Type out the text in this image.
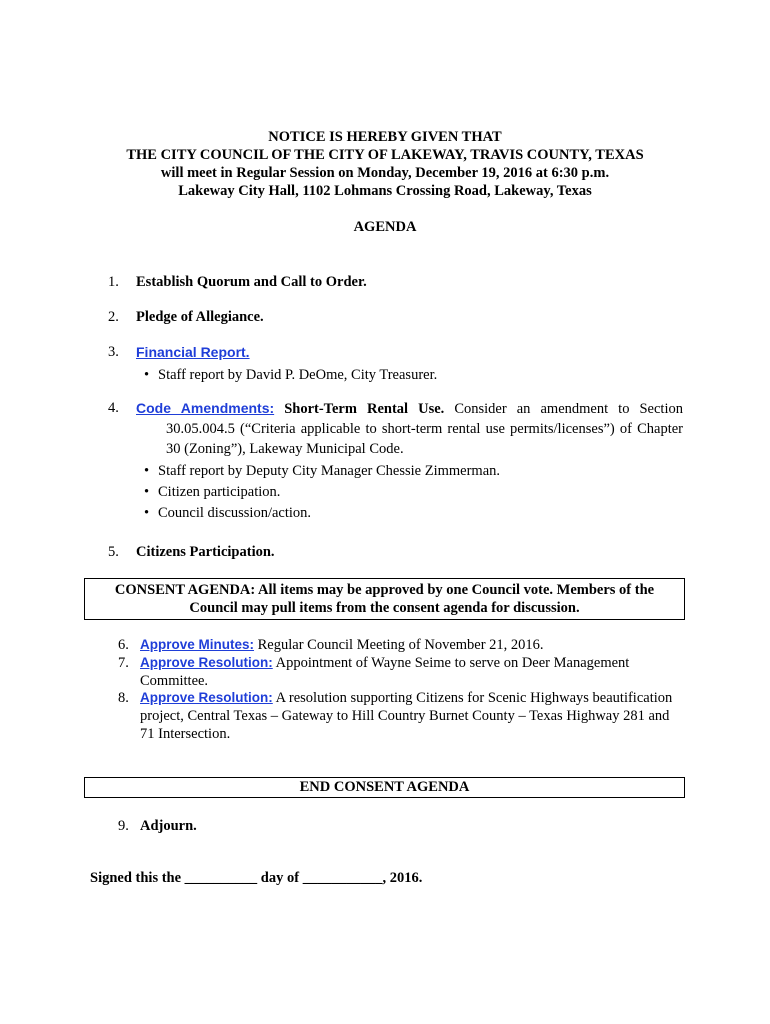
NOTICE IS HEREBY GIVEN THAT
THE CITY COUNCIL OF THE CITY OF LAKEWAY, TRAVIS COUNTY, TEXAS
will meet in Regular Session on Monday, December 19, 2016 at 6:30 p.m.
Lakeway City Hall, 1102 Lohmans Crossing Road, Lakeway, Texas
AGENDA
1.	Establish Quorum and Call to Order.
2.	Pledge of Allegiance.
3.	Financial Report.
• Staff report by David P. DeOme, City Treasurer.
4.	Code Amendments: Short-Term Rental Use. Consider an amendment to Section
30.05.004.5 (“Criteria applicable to short-term rental use permits/licenses”) of Chapter 30 (Zoning”), Lakeway Municipal Code.
• Staff report by Deputy City Manager Chessie Zimmerman.
• Citizen participation.
• Council discussion/action.
5.	Citizens Participation.
CONSENT AGENDA: All items may be approved by one Council vote. Members of the
Council may pull items from the consent agenda for discussion.
6. Approve Minutes: Regular Council Meeting of November 21, 2016.
7. Approve Resolution: Appointment of Wayne Seime to serve on Deer Management Committee.
8. Approve Resolution: A resolution supporting Citizens for Scenic Highways beautification project, Central Texas – Gateway to Hill Country Burnet County – Texas Highway 281 and 71 Intersection.
END CONSENT AGENDA
9. Adjourn.
Signed this the __________ day of ___________, 2016.
